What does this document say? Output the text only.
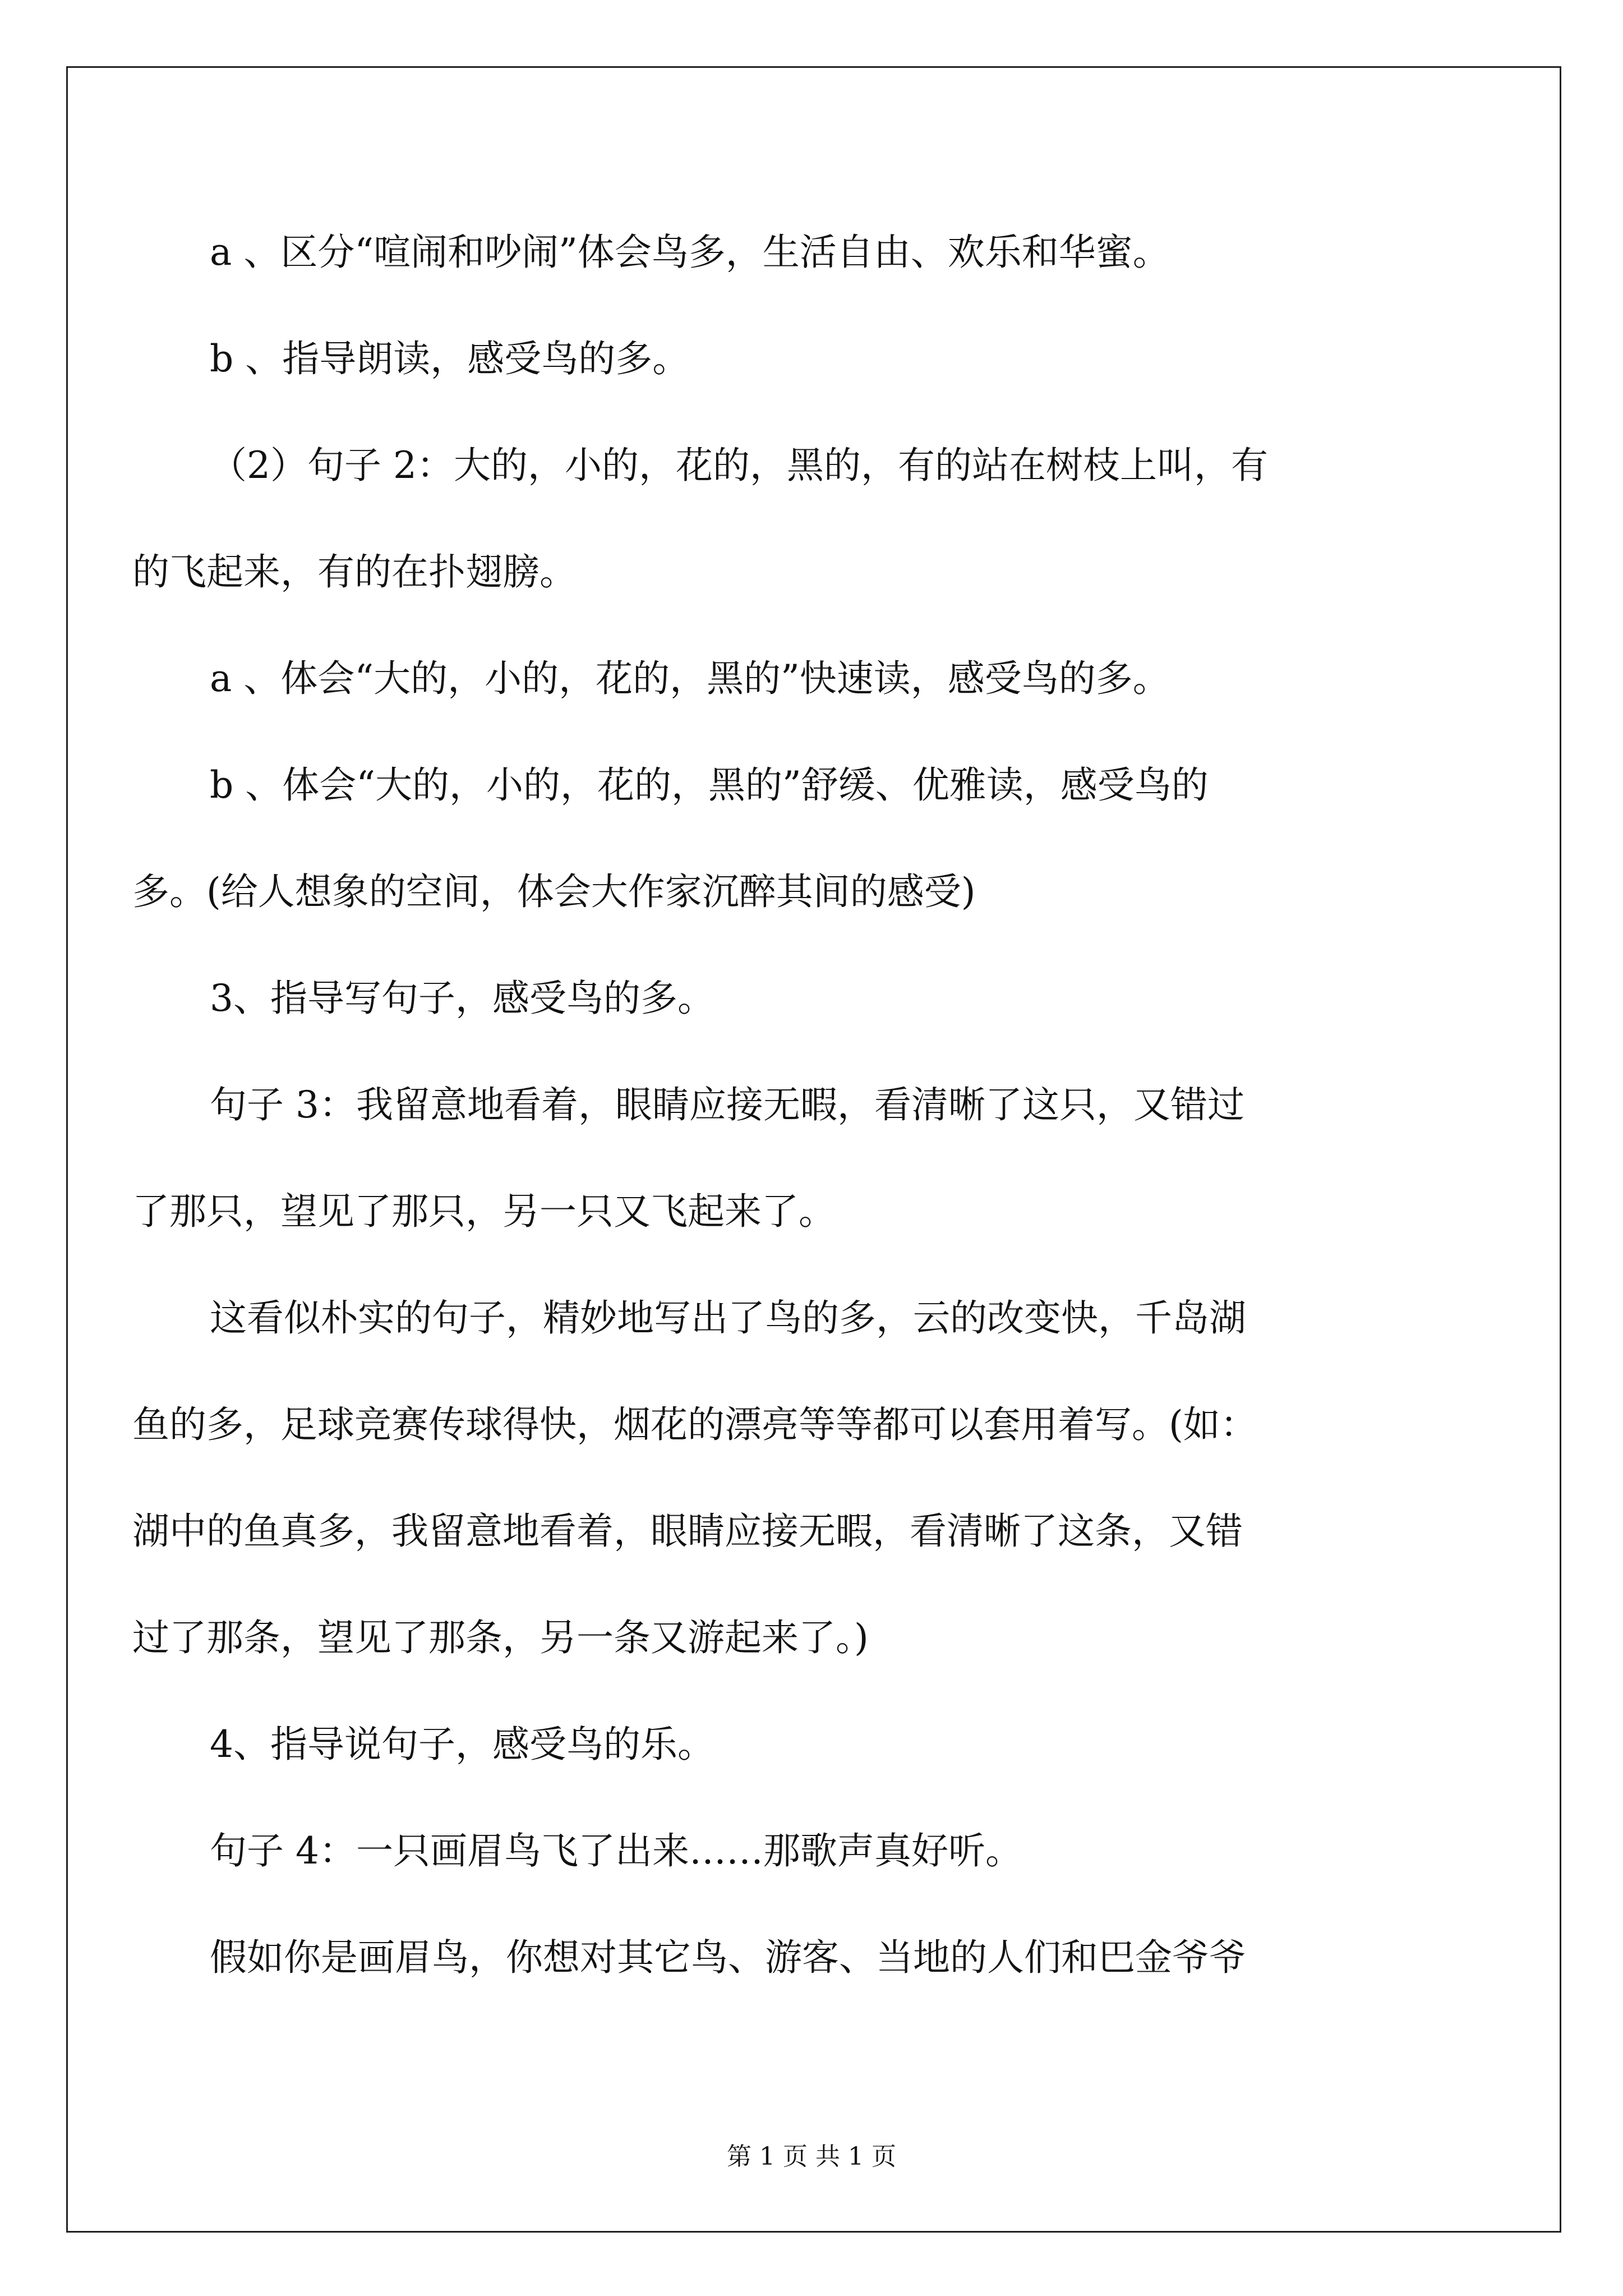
a 、区分“喧闹和吵闹”体会鸟多，生活自由、欢乐和华蜜。
b 、指导朗读，感受鸟的多。
（2）句子 2：大的，小的，花的，黑的，有的站在树枝上叫，有
的飞起来，有的在扑翅膀。
a 、体会“大的，小的，花的，黑的”快速读，感受鸟的多。
b 、体会“大的，小的，花的，黑的”舒缓、优雅读，感受鸟的
多。(给人想象的空间，体会大作家沉醉其间的感受)
3、指导写句子，感受鸟的多。
句子 3：我留意地看着，眼睛应接无暇，看清晰了这只，又错过
了那只，望见了那只，另一只又飞起来了。
这看似朴实的句子，精妙地写出了鸟的多，云的改变快，千岛湖
鱼的多，足球竞赛传球得快，烟花的漂亮等等都可以套用着写。(如：
湖中的鱼真多，我留意地看着，眼睛应接无暇，看清晰了这条，又错
过了那条，望见了那条，另一条又游起来了。)
4、指导说句子，感受鸟的乐。
句子 4：一只画眉鸟飞了出来……那歌声真好听。
假如你是画眉鸟，你想对其它鸟、游客、当地的人们和巴金爷爷
第 1 页 共 1 页
